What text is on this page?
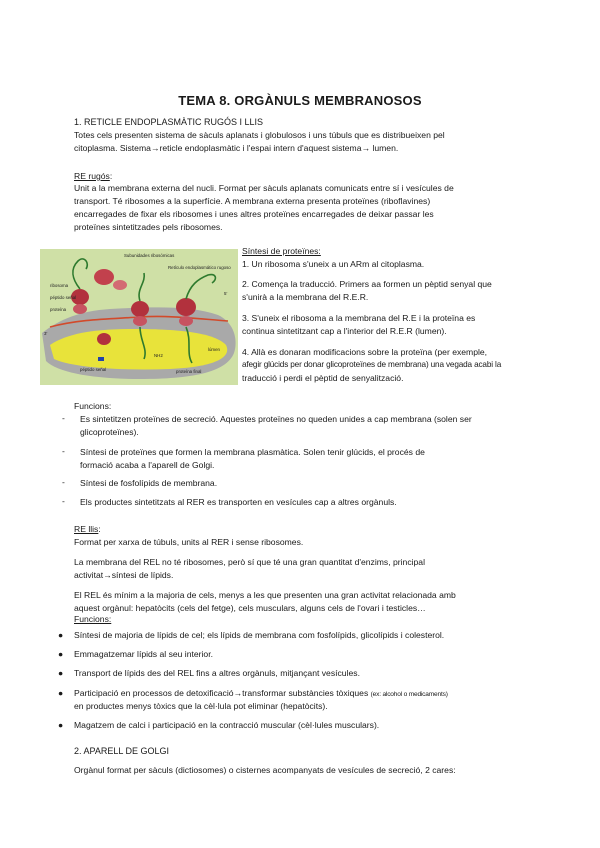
TEMA 8. ORGÀNULS MEMBRANOSOS
1. RETICLE ENDOPLASMÀTIC RUGÓS I LLIS
Totes cels presenten sistema de sàculs aplanats i globulosos i uns túbuls que es distribueixen pel
citoplasma. Sistema→reticle endoplasmàtic i l'espai intern d'aquest sistema→ lumen.
RE rugós:
Unit a la membrana externa del nucli. Format per sàculs aplanats comunicats entre sí i vesícules de
transport. Té ribosomes a la superfície. A membrana externa presenta proteïnes (riboflavines)
encarregades de fixar els ribosomes i unes altres proteïnes encarregades de deixar passar les
proteïnes sintetitzades pels ribosomes.
Subunidades ribosómicas
ribosoma
péptido señal
proteína
Retículo endoplasmático rugoso
5'
3'
NH2
proteína final
péptido señal
lúmen
Síntesi de proteïnes:
1. Un ribosoma s'uneix a un ARm al citoplasma.
2. Comença la traducció. Primers aa formen un pèptid senyal que
s'unirà a la membrana del R.E.R.
3. S'uneix el ribosoma a la membrana del R.E i la proteïna es
continua sintetitzant cap a l'interior del R.E.R (lumen).
4. Allà es donaran modificacions sobre la proteïna (per exemple,
afegir glúcids per donar glicoproteïnes de membrana) una vegada acabi la
traducció i perdi el pèptid de senyalització.
Funcions:
- Es sintetitzen proteïnes de secreció. Aquestes proteïnes no queden unides a cap membrana (solen ser
glicoproteïnes).
- Síntesi de proteïnes que formen la membrana plasmàtica. Solen tenir glúcids, el procés de
formació acaba a l'aparell de Golgi.
- Síntesi de fosfolípids de membrana.
- Els productes sintetitzats al RER es transporten en vesícules cap a altres orgànuls.
RE llis:
Format per xarxa de túbuls, units al RER i sense ribosomes.
La membrana del REL no té ribosomes, però sí que té una gran quantitat d'enzims, principal
activitat→síntesi de lípids.
El REL és mínim a la majoria de cels, menys a les que presenten una gran activitat relacionada amb
aquest orgànul: hepatòcits (cels del fetge), cels musculars, alguns cels de l'ovari i testicles…
Funcions:
● Síntesi de majoria de lípids de cel; els lípids de membrana com fosfolípids, glicolípids i colesterol.
● Emmagatzemar lípids al seu interior.
● Transport de lípids des del REL fins a altres orgànuls, mitjançant vesícules.
● Participació en processos de detoxificació→transformar substàncies tòxiques (ex: alcohol o medicaments)
en productes menys tòxics que la cèl·lula pot eliminar (hepatòcits).
● Magatzem de calci i participació en la contracció muscular (cèl·lules musculars).
2. APARELL DE GOLGI
Orgànul format per sàculs (dictiosomes) o cisternes acompanyats de vesícules de secreció, 2 cares:
